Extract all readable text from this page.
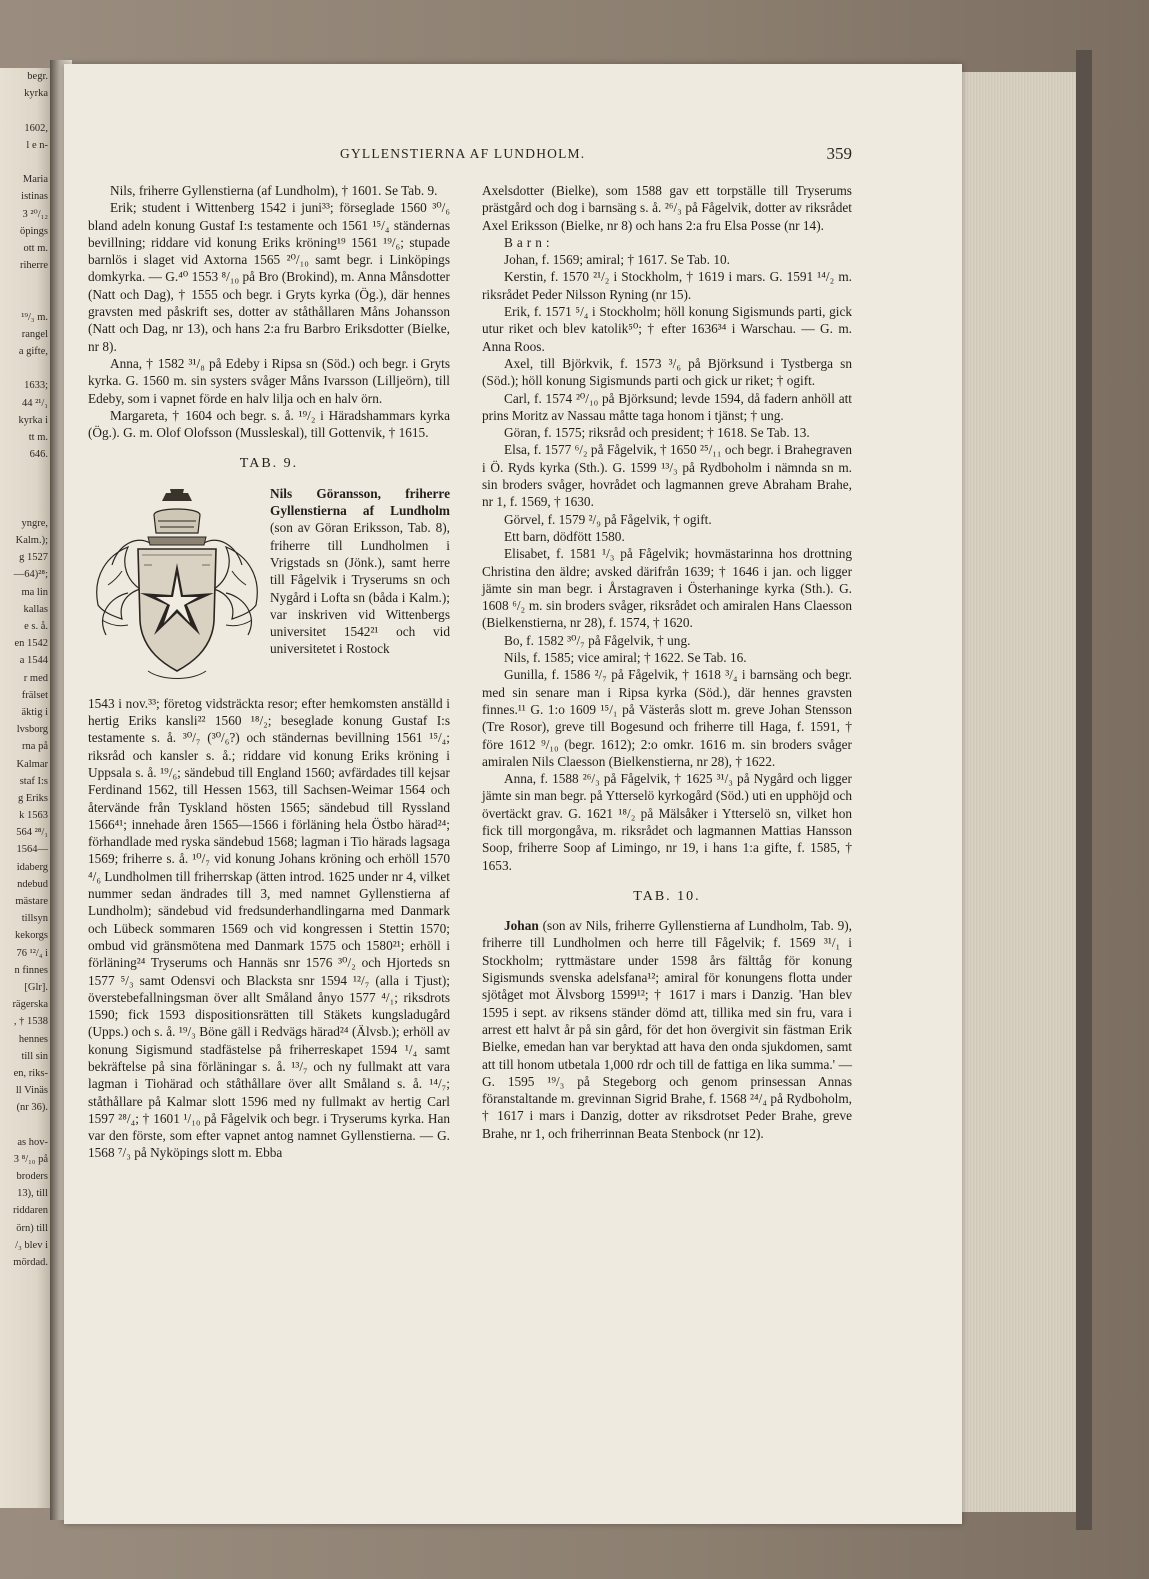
begr.
kyrka
1602,
l e n-
Maria
istinas
3 ²⁰/₁₂
öpings
ott m.
riherre
¹⁹/₃ m.
rangel
a gifte,
1633;
44 ²¹/₁
kyrka i
tt m.
646.
yngre,
Kalm.);
g 1527
—64)²⁸;
ma lin
kallas
e s. å.
en 1542
a 1544
r med
frälset
äktig i
lvsborg
rna på
Kalmar
staf I:s
g Eriks
k 1563
564 ²⁸/₁
1564—
idaberg
ndebud
mästare
tillsyn
kekorgs
76 ¹²/₄ i
n finnes
[Glr].
rägerska
, † 1538
hennes
till sin
en, riks-
ll Vinäs
(nr 36).
as hov-
3 ⁸/₁₀ på
broders
13), till
riddaren
örn) till
/₃ blev i
mördad.
GYLLENSTIERNA AF LUNDHOLM.	359

Nils, friherre Gyllenstierna (af Lundholm), † 1601. Se Tab. 9.

Erik; student i Wittenberg 1542 i juni³³; förseglade 1560 ³⁰/₆ bland adeln konung Gustaf I:s testamente och 1561 ¹⁵/₄ ständernas bevillning; riddare vid konung Eriks kröning¹⁹ 1561 ¹⁹/₆; stupade barnlös i slaget vid Axtorna 1565 ²⁰/₁₀ samt begr. i Linköpings domkyrka. — G.⁴⁰ 1553 ⁸/₁₀ på Bro (Brokind), m. Anna Månsdotter (Natt och Dag), † 1555 och begr. i Gryts kyrka (Ög.), där hennes gravsten med påskrift ses, dotter av ståthållaren Måns Johansson (Natt och Dag, nr 13), och hans 2:a fru Barbro Eriksdotter (Bielke, nr 8).

Anna, † 1582 ³¹/₈ på Edeby i Ripsa sn (Söd.) och begr. i Gryts kyrka. G. 1560 m. sin systers svåger Måns Ivarsson (Lilljeörn), till Edeby, som i vapnet förde en halv lilja och en halv örn.

Margareta, † 1604 och begr. s. å. ¹⁹/₂ i Häradshammars kyrka (Ög.). G. m. Olof Olofsson (Mussleskal), till Gottenvik, † 1615.

TAB. 9.

Nils Göransson, friherre Gyllenstierna af Lundholm (son av Göran Eriksson, Tab. 8), friherre till Lundholmen i Vrigstads sn (Jönk.), samt herre till Fågelvik i Tryserums sn och Nygård i Lofta sn (båda i Kalm.); var inskriven vid Wittenbergs universitet 1542²¹ och vid universitetet i Rostock

1543 i nov.³³; företog vidsträckta resor; efter hemkomsten anställd i hertig Eriks kansli²² 1560 ¹⁸/₂; beseglade konung Gustaf I:s testamente s. å. ³⁰/₇ (³⁰/₆?) och ständernas bevillning 1561 ¹⁵/₄; riksråd och kansler s. å.; riddare vid konung Eriks kröning i Uppsala s. å. ¹⁹/₆; sändebud till England 1560; avfärdades till kejsar Ferdinand 1562, till Hessen 1563, till Sachsen-Weimar 1564 och återvände från Tyskland hösten 1565; sändebud till Ryssland 1566⁴¹; innehade åren 1565—1566 i förläning hela Östbo härad²⁴; förhandlade med ryska sändebud 1568; lagman i Tio härads lagsaga 1569; friherre s. å. ¹⁰/₇ vid konung Johans kröning och erhöll 1570 ⁴/₆ Lundholmen till friherrskap (ätten introd. 1625 under nr 4, vilket nummer sedan ändrades till 3, med namnet Gyllenstierna af Lundholm); sändebud vid fredsunderhandlingarna med Danmark och Lübeck sommaren 1569 och vid kongressen i Stettin 1570; ombud vid gränsmötena med Danmark 1575 och 1580²¹; erhöll i förläning²⁴ Tryserums och Hannäs snr 1576 ³⁰/₂ och Hjorteds sn 1577 ⁵/₃ samt Odensvi och Blacksta snr 1594 ¹²/₇ (alla i Tjust); överstebefallningsman över allt Småland ånyo 1577 ⁴/₁; riksdrots 1590; fick 1593 dispositionsrätten till Stäkets kungsladugård (Upps.) och s. å. ¹⁹/₃ Böne gäll i Redvägs härad²⁴ (Älvsb.); erhöll av konung Sigismund stadfästelse på friherreskapet 1594 ¹/₄ samt bekräftelse på sina förläningar s. å. ¹³/₇ och ny fullmakt att vara lagman i Tiohärad och ståthållare över allt Småland s. å. ¹⁴/₇; ståthållare på Kalmar slott 1596 med ny fullmakt av hertig Carl 1597 ²⁸/₄; † 1601 ¹/₁₀ på Fågelvik och begr. i Tryserums kyrka. Han var den förste, som efter vapnet antog namnet Gyllenstierna. — G. 1568 ⁷/₃ på Nyköpings slott m. Ebba

Axelsdotter (Bielke), som 1588 gav ett torpställe till Tryserums prästgård och dog i barnsäng s. å. ²⁶/₃ på Fågelvik, dotter av riksrådet Axel Eriksson (Bielke, nr 8) och hans 2:a fru Elsa Posse (nr 14).

Barn:

Johan, f. 1569; amiral; † 1617. Se Tab. 10.

Kerstin, f. 1570 ²¹/₂ i Stockholm, † 1619 i mars. G. 1591 ¹⁴/₂ m. riksrådet Peder Nilsson Ryning (nr 15).

Erik, f. 1571 ⁵/₄ i Stockholm; höll konung Sigismunds parti, gick utur riket och blev katolik⁵⁰; † efter 1636³⁴ i Warschau. — G. m. Anna Roos.

Axel, till Björkvik, f. 1573 ³/₆ på Björksund i Tystberga sn (Söd.); höll konung Sigismunds parti och gick ur riket; † ogift.

Carl, f. 1574 ²⁰/₁₀ på Björksund; levde 1594, då fadern anhöll att prins Moritz av Nassau måtte taga honom i tjänst; † ung.

Göran, f. 1575; riksråd och president; † 1618. Se Tab. 13.

Elsa, f. 1577 ⁶/₂ på Fågelvik, † 1650 ²⁵/₁₁ och begr. i Brahegraven i Ö. Ryds kyrka (Sth.). G. 1599 ¹³/₃ på Rydboholm i nämnda sn m. sin broders svåger, hovrådet och lagmannen greve Abraham Brahe, nr 1, f. 1569, † 1630.

Görvel, f. 1579 ²/₉ på Fågelvik, † ogift.

Ett barn, dödfött 1580.

Elisabet, f. 1581 ¹/₃ på Fågelvik; hovmästarinna hos drottning Christina den äldre; avsked därifrån 1639; † 1646 i jan. och ligger jämte sin man begr. i Årstagraven i Österhaninge kyrka (Sth.). G. 1608 ⁶/₂ m. sin broders svåger, riksrådet och amiralen Hans Claesson (Bielkenstierna, nr 28), f. 1574, † 1620.

Bo, f. 1582 ³⁰/₇ på Fågelvik, † ung.

Nils, f. 1585; vice amiral; † 1622. Se Tab. 16.

Gunilla, f. 1586 ²/₇ på Fågelvik, † 1618 ³/₄ i barnsäng och begr. med sin senare man i Ripsa kyrka (Söd.), där hennes gravsten finnes.¹¹ G. 1:o 1609 ¹⁵/₁ på Västerås slott m. greve Johan Stensson (Tre Rosor), greve till Bogesund och friherre till Haga, f. 1591, † före 1612 ⁹/₁₀ (begr. 1612); 2:o omkr. 1616 m. sin broders svåger amiralen Nils Claesson (Bielkenstierna, nr 28), † 1622.

Anna, f. 1588 ²⁶/₃ på Fågelvik, † 1625 ³¹/₃ på Nygård och ligger jämte sin man begr. på Ytterselö kyrkogård (Söd.) uti en upphöjd och övertäckt grav. G. 1621 ¹⁸/₂ på Mälsåker i Ytterselö sn, vilket hon fick till morgongåva, m. riksrådet och lagmannen Mattias Hansson Soop, friherre Soop af Limingo, nr 19, i hans 1:a gifte, f. 1585, † 1653.

TAB. 10.

Johan (son av Nils, friherre Gyllenstierna af Lundholm, Tab. 9), friherre till Lundholmen och herre till Fågelvik; f. 1569 ³¹/₁ i Stockholm; ryttmästare under 1598 års fälttåg för konung Sigismunds svenska adelsfana¹²; amiral för konungens flotta under sjötåget mot Älvsborg 1599¹²; † 1617 i mars i Danzig. 'Han blev 1595 i sept. av riksens ständer dömd att, tillika med sin fru, vara i arrest ett halvt år på sin gård, för det hon övergivit sin fästman Erik Bielke, emedan han var beryktad att hava den onda sjukdomen, samt att till honom utbetala 1,000 rdr och till de fattiga en lika summa.' — G. 1595 ¹⁹/₃ på Stegeborg och genom prinsessan Annas föranstaltande m. grevinnan Sigrid Brahe, f. 1568 ²⁴/₄ på Rydboholm, † 1617 i mars i Danzig, dotter av riksdrotset Peder Brahe, greve Brahe, nr 1, och friherrinnan Beata Stenbock (nr 12).
